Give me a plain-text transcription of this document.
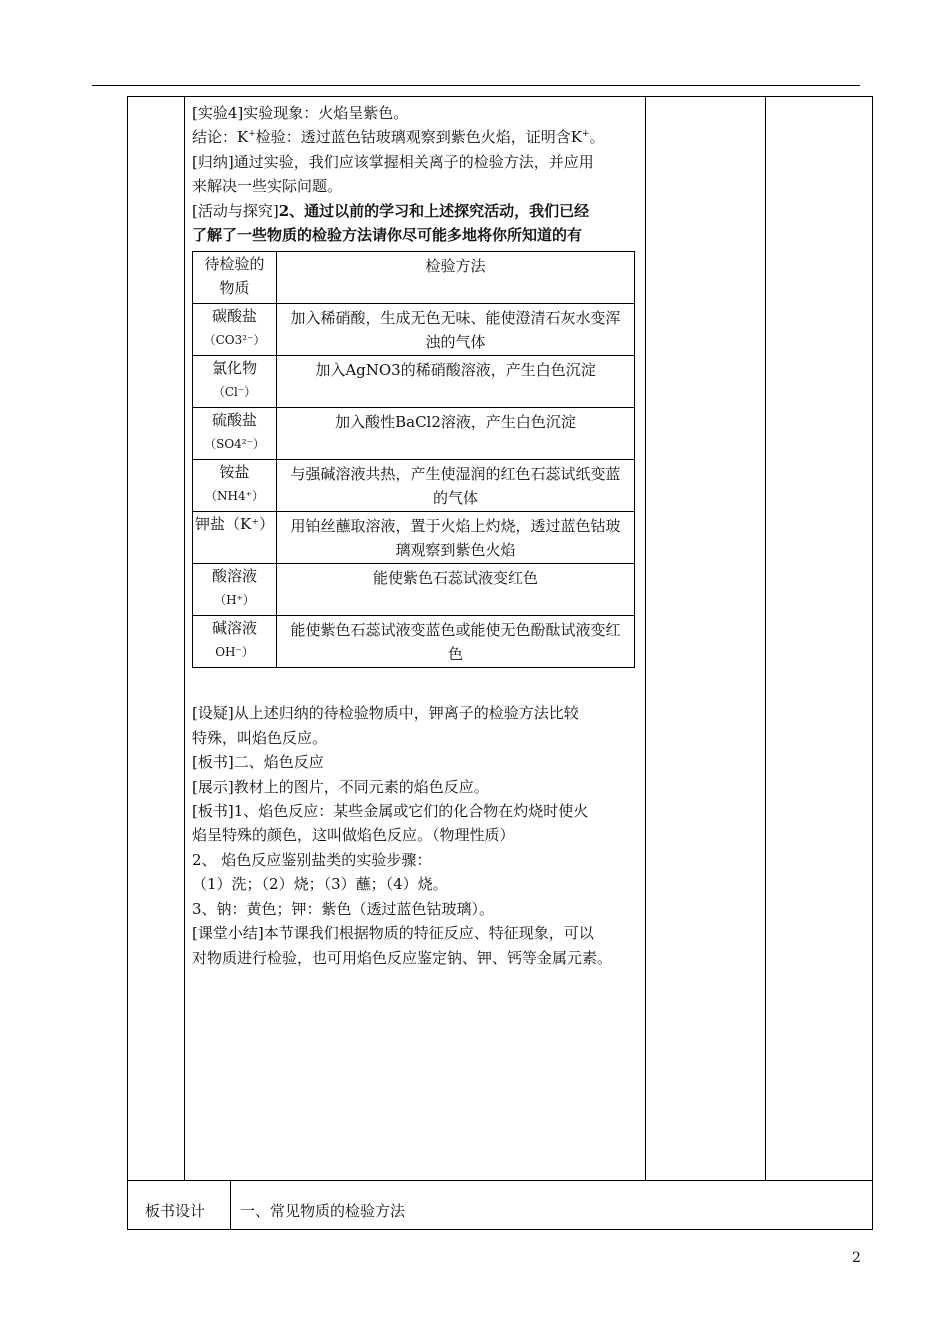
[实验4]实验现象：火焰呈紫色。

结论：K+检验：透过蓝色钴玻璃观察到紫色火焰，证明含K+。

[归纳]通过实验，我们应该掌握相关离子的检验方法，并应用

来解决一些实际问题。

[活动与探究]2、通过以前的学习和上述探究活动，我们已经

了解了一些物质的检验方法请你尽可能多地将你所知道的有

待检验的
物质	检验方法

碳酸盐
（CO3²⁻）	加入稀硝酸，生成无色无味、能使澄清石灰水变浑浊的气体

氯化物
（Cl⁻）	加入AgNO3的稀硝酸溶液，产生白色沉淀

硫酸盐
（SO4²⁻）	加入酸性BaCl2溶液，产生白色沉淀

铵盐
（NH4⁺）	与强碱溶液共热，产生使湿润的红色石蕊试纸变蓝的气体

钾盐（K⁺）	用铂丝蘸取溶液，置于火焰上灼烧，透过蓝色钴玻璃观察到紫色火焰

酸溶液
（H⁺）	能使紫色石蕊试液变红色

碱溶液
OH⁻）	能使紫色石蕊试液变蓝色或能使无色酚酞试液变红色

[设疑]从上述归纳的待检验物质中，钾离子的检验方法比较

特殊，叫焰色反应。

[板书]二、焰色反应

[展示]教材上的图片，不同元素的焰色反应。

[板书]1、焰色反应：某些金属或它们的化合物在灼烧时使火

焰呈特殊的颜色，这叫做焰色反应。（物理性质）

2、 焰色反应鉴别盐类的实验步骤：

（1）洗；（2）烧；（3）蘸；（4）烧。

3、钠：黄色；钾：紫色（透过蓝色钴玻璃）。

[课堂小结]本节课我们根据物质的特征反应、特征现象，可以

对物质进行检验，也可用焰色反应鉴定钠、钾、钙等金属元素。

板书设计 一、常见物质的检验方法
2
